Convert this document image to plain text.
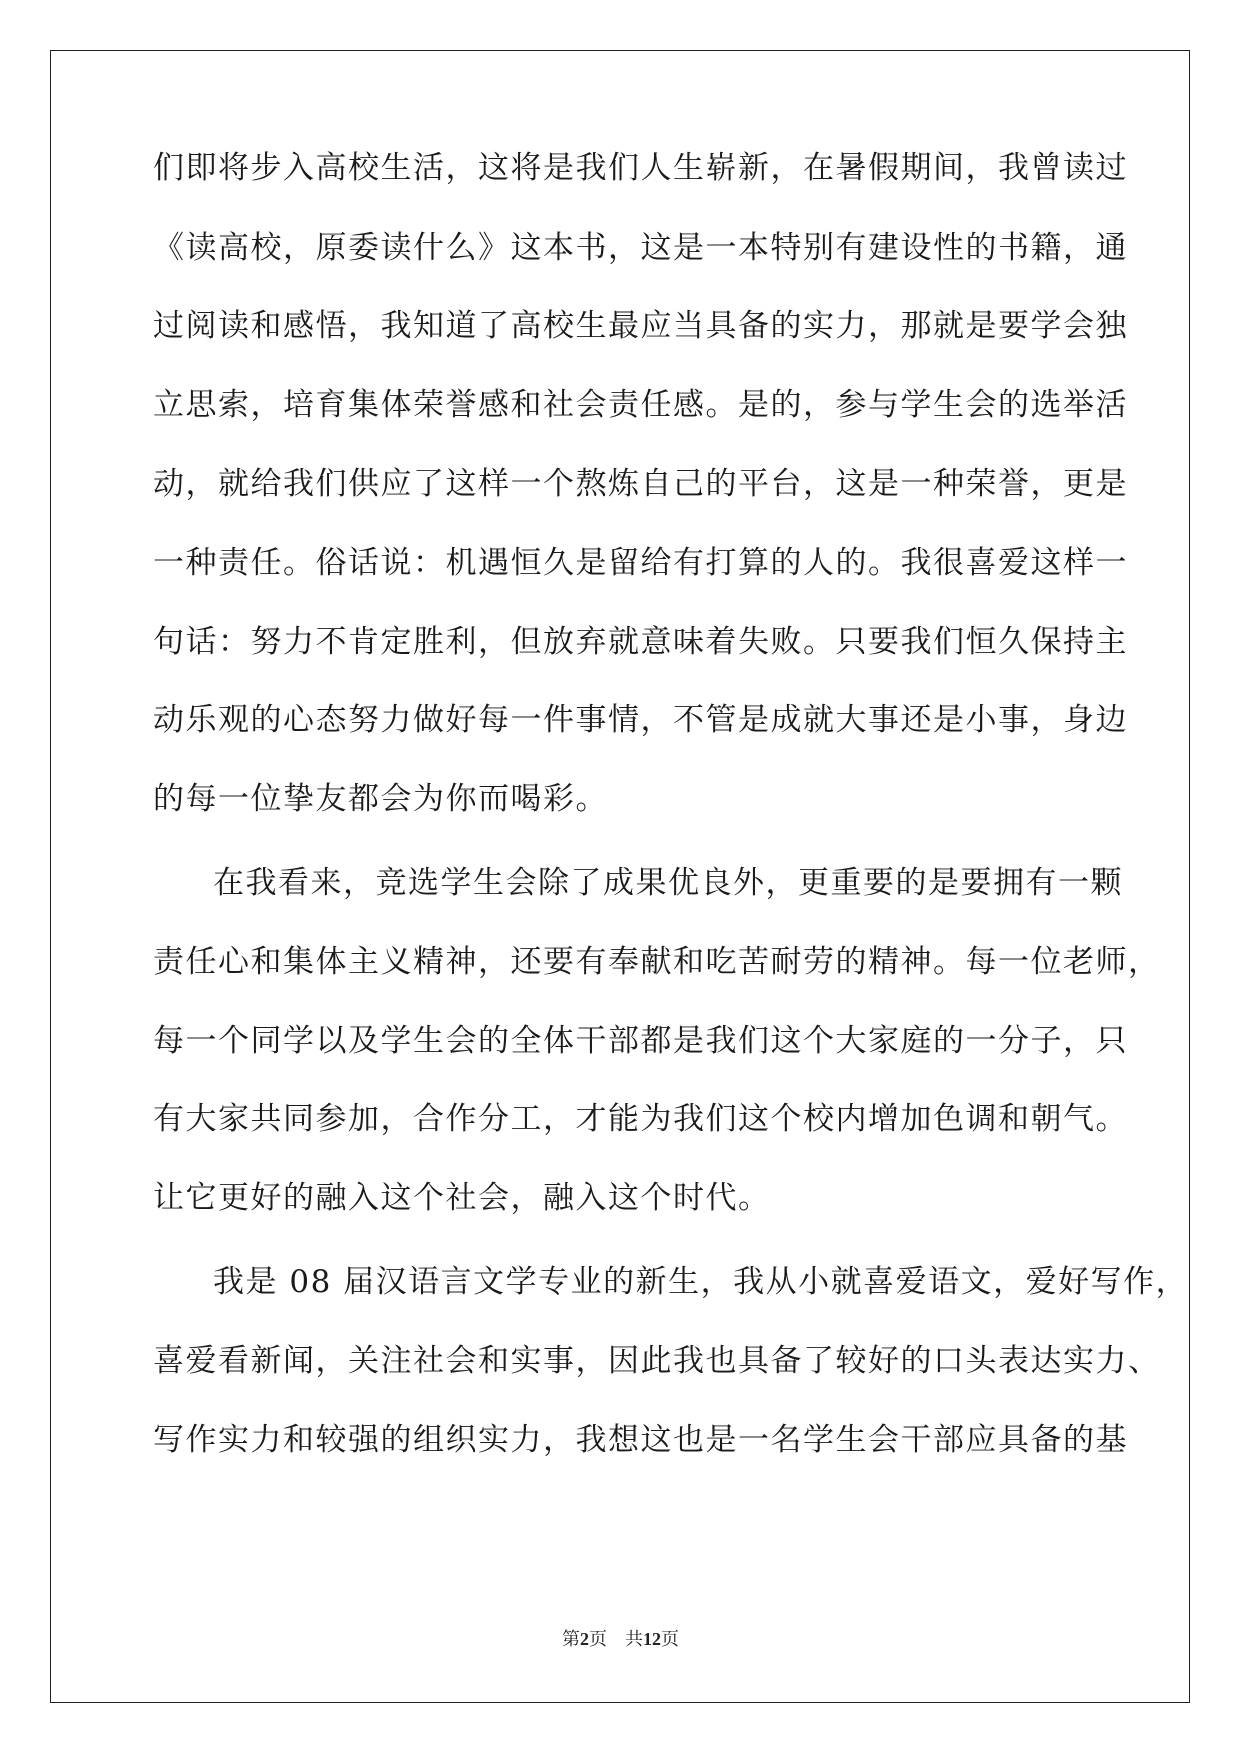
们即将步入高校生活，这将是我们人生崭新，在暑假期间，我曾读过
《读高校，原委读什么》这本书，这是一本特别有建设性的书籍，通
过阅读和感悟，我知道了高校生最应当具备的实力，那就是要学会独
立思索，培育集体荣誉感和社会责任感。是的，参与学生会的选举活
动，就给我们供应了这样一个熬炼自己的平台，这是一种荣誉，更是
一种责任。俗话说：机遇恒久是留给有打算的人的。我很喜爱这样一
句话：努力不肯定胜利，但放弃就意味着失败。只要我们恒久保持主
动乐观的心态努力做好每一件事情，不管是成就大事还是小事，身边
的每一位挚友都会为你而喝彩。
在我看来，竞选学生会除了成果优良外，更重要的是要拥有一颗
责任心和集体主义精神，还要有奉献和吃苦耐劳的精神。每一位老师，
每一个同学以及学生会的全体干部都是我们这个大家庭的一分子，只
有大家共同参加，合作分工，才能为我们这个校内增加色调和朝气。
让它更好的融入这个社会，融入这个时代。
我是 08 届汉语言文学专业的新生，我从小就喜爱语文，爱好写作，
喜爱看新闻，关注社会和实事，因此我也具备了较好的口头表达实力、
写作实力和较强的组织实力，我想这也是一名学生会干部应具备的基
第2页 共12页
